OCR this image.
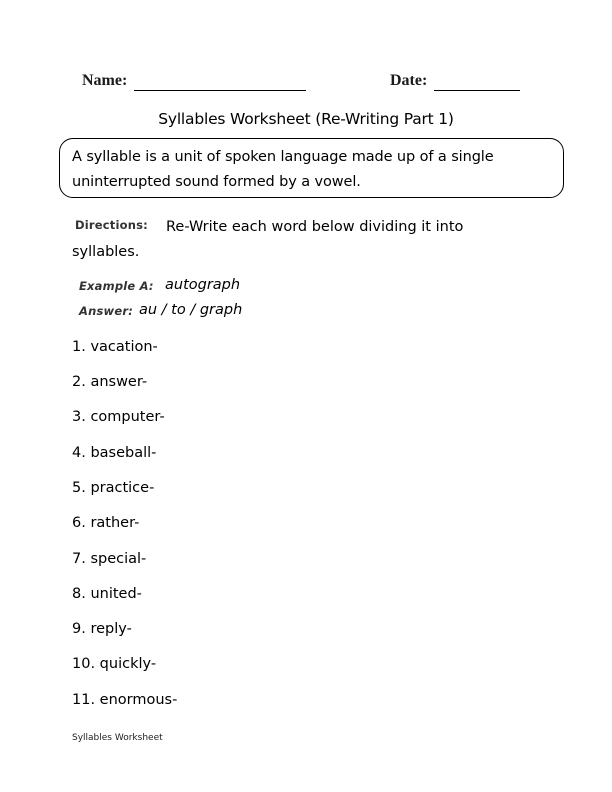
Name:	Date:
Syllables Worksheet (Re-Writing Part 1)
A syllable is a unit of spoken language made up of a single uninterrupted sound formed by a vowel.
Re-Write each word below dividing it into syllables.
Directions:
Example A: autograph
Answer: au / to / graph
1. vacation-
2. answer-
3. computer-
4. baseball-
5. practice-
6. rather-
7. special-
8. united-
9. reply-
10. quickly-
11. enormous-
Syllables Worksheet
